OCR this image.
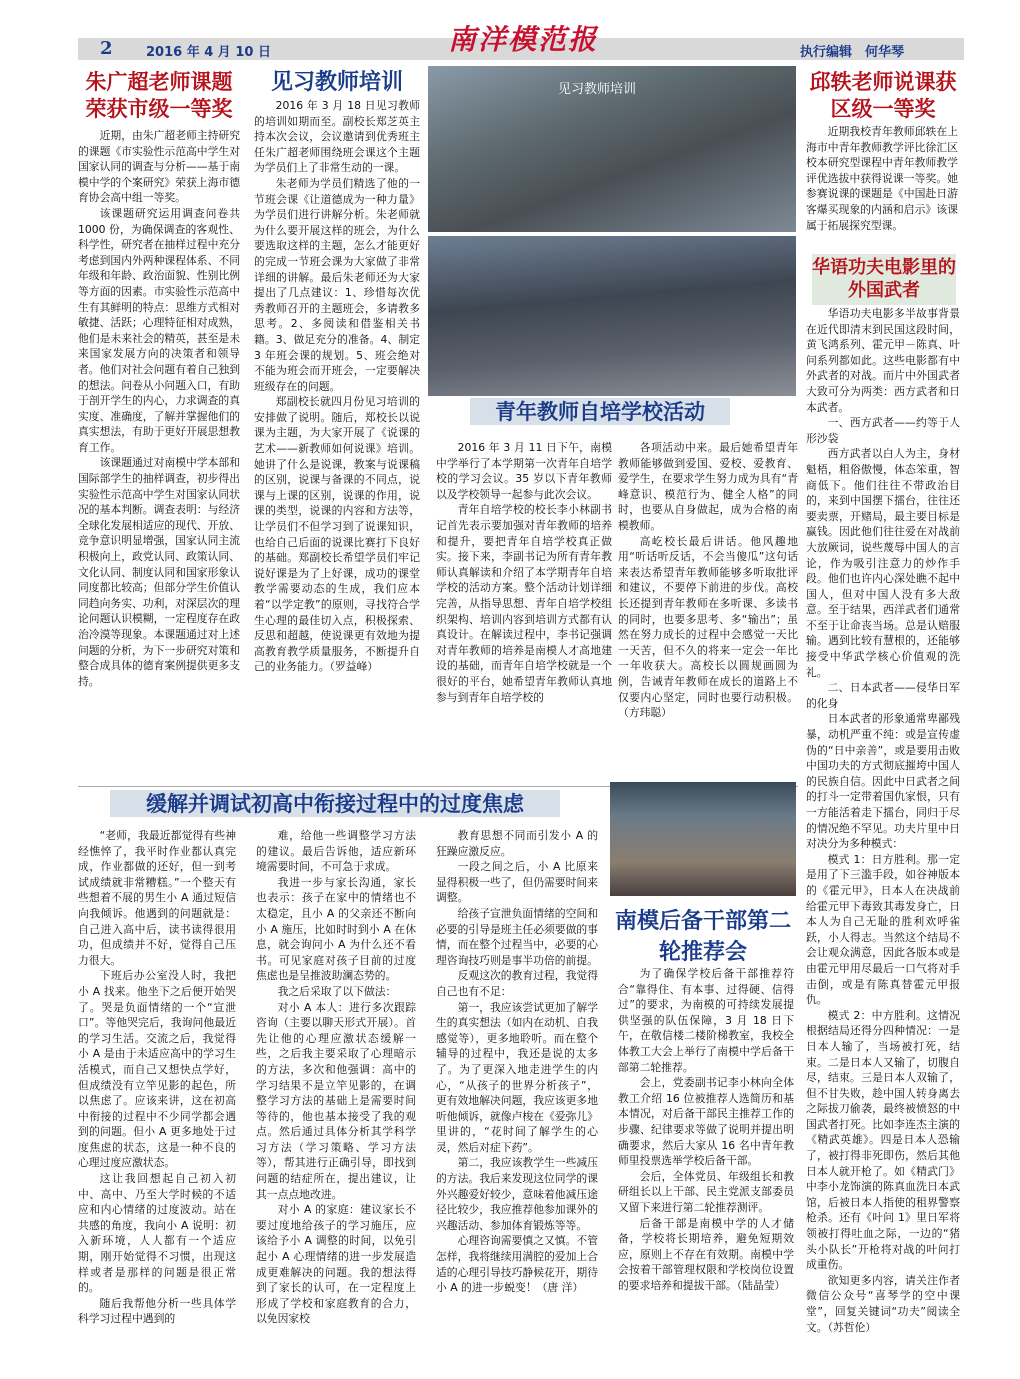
2	2016 年 4 月 10 日	南洋模范报	执行编辑　何华琴
朱广超老师课题荣获市级一等奖

近期，由朱广超老师主持研究的课题《市实验性示范高中学生对国家认同的调查与分析——基于南模中学的个案研究》荣获上海市德育协会高中组一等奖。

该课题研究运用调查问卷共 1000 份，为确保调查的客观性、科学性，研究者在抽样过程中充分考虑到国内外两种课程体系、不同年级和年龄、政治面貌、性别比例等方面的因素。市实验性示范高中生有其鲜明的特点：思维方式相对敏捷、活跃；心理特征相对成熟，他们是未来社会的精英，甚至是未来国家发展方向的决策者和领导者。他们对社会问题有着自己独到的想法。问卷从小问题入口，有助于剖开学生的内心，力求调查的真实度、准确度，了解并掌握他们的真实想法，有助于更好开展思想教育工作。

该课题通过对南模中学本部和国际部学生的抽样调查，初步得出实验性示范高中学生对国家认同状况的基本判断。调查表明：与经济全球化发展相适应的现代、开放、竞争意识明显增强，国家认同主流积极向上，政党认同、政策认同、文化认同、制度认同和国家形象认同度都比较高；但部分学生价值认同趋向务实、功利，对深层次的理论问题认识模糊，一定程度存在政治冷漠等现象。本课题通过对上述问题的分析，为下一步研究对策和整合成具体的德育案例提供更多支持。

见习教师培训

2016 年 3 月 18 日见习教师的培训如期而至。副校长郑芝英主持本次会议，会议邀请到优秀班主任朱广超老师围绕班会课这个主题为学员们上了非常生动的一课。

朱老师为学员们精选了他的一节班会课《让道德成为一种力量》为学员们进行讲解分析。朱老师就为什么要开展这样的班会，为什么要选取这样的主题，怎么才能更好的完成一节班会课为大家做了非常详细的讲解。最后朱老师还为大家提出了几点建议：1、珍惜每次优秀教师召开的主题班会，多请教多思考。2、多阅读和借鉴相关书籍。3、做足充分的准备。4、制定 3 年班会课的规划。5、班会绝对不能为班会而开班会，一定要解决班级存在的问题。

郑副校长就四月份见习培训的安排做了说明。随后，郑校长以说课为主题，为大家开展了《说课的艺术——新教师如何说课》培训。她讲了什么是说课，教案与说课稿的区别，说课与备课的不同点，说课与上课的区别，说课的作用，说课的类型，说课的内容和方法等，让学员们不但学习到了说课知识，也给自己后面的说课比赛打下良好的基础。郑副校长希望学员们牢记说好课是为了上好课，成功的课堂教学需要动态的生成，我们应本着“以学定教”的原则，寻找符合学生心理的最佳切入点，积极探索、反思和超越，使说课更有效地为提高教育教学质量服务，不断提升自己的业务能力。（罗益峰）

见习教师培训
青年教师自培学校活动

2016 年 3 月 11 日下午，南模中学举行了本学期第一次青年自培学校的学习会议。35 岁以下青年教师以及学校领导一起参与此次会议。

青年自培学校的校长李小林副书记首先表示要加强对青年教师的培养和提升，要把青年自培学校真正做实。接下来，李副书记为所有青年教师认真解读和介绍了本学期青年自培学校的活动方案。整个活动计划详细完善，从指导思想、青年自培学校组织架构、培训内容到培训方式都有认真设计。在解读过程中，李书记强调对青年教师的培养是南模人才高地建设的基础，而青年自培学校就是一个很好的平台，她希望青年教师认真地参与到青年自培学校的

各项活动中来。最后她希望青年教师能够做到爱国、爱校、爱教育、爱学生，在要求学生努力成为具有“青峰意识、模范行为、健全人格”的同时，也要从自身做起，成为合格的南模教师。

高屹校长最后讲话。他风趣地用“听话听反话，不会当傻瓜”这句话来表达希望青年教师能够多听取批评和建议，不要停下前进的步伐。高校长还提到青年教师在多听课、多读书的同时，也要多思考、多“输出”；虽然在努力成长的过程中会感觉一天比一天苦，但不久的将来一定会一年比一年收获大。高校长以圆规画圆为例，告诫青年教师在成长的道路上不仅要内心坚定，同时也要行动积极。（方玮聪）

邱轶老师说课获区级一等奖

近期我校青年教师邱轶在上海市中青年教师教学评比徐汇区校本研究型课程中青年教师教学评优选拔中获得说课一等奖。她参赛说课的课题是《中国赴日游客爆买现象的内涵和启示》该课属于拓展探究型课。

华语功夫电影里的外国武者

华语功夫电影多半故事背景在近代即清末到民国这段时间，黄飞鸿系列、霍元甲－陈真、叶问系列都如此。这些电影都有中外武者的对战。而片中外国武者大致可分为两类：西方武者和日本武者。

一、西方武者——约等于人形沙袋

西方武者以白人为主，身材魁梧，粗俗傲慢，体态笨重，智商低下。他们往往不带政治目的，来到中国摆下擂台，往往还要卖票，开赌局，最主要目标是赢钱。因此他们往往爱在对战前大放厥词，说些蔑辱中国人的言论，作为吸引注意力的炒作手段。他们也许内心深处瞧不起中国人，但对中国人没有多大敌意。至于结果，西洋武者们通常不至于让命丧当场。总是认赔服输。遇到比较有慧根的，还能够接受中华武学核心价值观的洗礼。

二、日本武者——侵华日军的化身

日本武者的形象通常卑鄙残暴，动机严重不纯：或是宣传虚伪的“日中亲善”，或是要用击败中国功夫的方式彻底摧垮中国人的民族自信。因此中日武者之间的打斗一定带着国仇家恨，只有一方能活着走下擂台，同归于尽的情况绝不罕见。功夫片里中日对决分为多种模式：

模式 1：日方胜利。那一定是用了下三滥手段，如谷神版本的《霍元甲》，日本人在决战前给霍元甲下毒致其毒发身亡，日本人为自己无耻的胜利欢呼雀跃，小人得志。当然这个结局不会让观众满意，因此各版本或是由霍元甲用尽最后一口气将对手击倒，或是有陈真替霍元甲报仇。

模式 2：中方胜利。这情况根据结局还得分四种情况：一是日本人输了，当场被打死，结束。二是日本人又输了，切腹自尽，结束。三是日本人双输了，但不甘失败，趁中国人转身离去之际拔刀偷袭，最终被愤怒的中国武者打死。比如李连杰主演的《精武英雄》。四是日本人恐输了，被打得非死即伤，然后其他日本人就开枪了。如《精武门》中李小龙饰演的陈真血洗日本武馆，后被日本人指使的租界警察枪杀。还有《叶问 1》里日军将领被打得吐血之际，一边的“猪头小队长”开枪将对战的叶问打成重伤。

欲知更多内容，请关注作者微信公众号“喜琴学的空中课堂”，回复关键词“功夫”阅读全文。（苏哲伦）

缓解并调试初高中衔接过程中的过度焦虑

“老师，我最近都觉得有些神经憔悴了，我平时作业都认真完成，作业都做的还好，但一到考试成绩就非常糟糕。”一个整天有些想着不展的男生小 A 通过短信向我倾诉。他遇到的问题就是：自己进入高中后，读书读得很用功，但成绩并不好，觉得自己压力很大。

下班后办公室没人时，我把小 A 找来。他坐下之后便开始哭了。哭是负面情绪的一个“宣泄口”。等他哭完后，我询问他最近的学习生活。交流之后，我觉得小 A 是由于未适应高中的学习生活模式，而自己又想快点学好，但成绩没有立竿见影的起色，所以焦虑了。应该来讲，这在初高中衔接的过程中不少同学都会遇到的问题。但小 A 更多地处于过度焦虑的状态，这是一种不良的心理过度应激状态。

这让我回想起自己初入初中、高中、乃至大学时候的不适应和内心情绪的过度波动。站在共感的角度，我向小 A 说明：初入新环境，人人都有一个适应期，刚开始觉得不习惯，出现这样或者是那样的问题是很正常的。

随后我帮他分析一些具体学科学习过程中遇到的

难，给他一些调整学习方法的建议。最后告诉他，适应新环境需要时间，不可急于求成。

我进一步与家长沟通，家长也表示：孩子在家中的情绪也不太稳定，且小 A 的父亲还不断向小 A 施压，比如时时到小 A 在休息，就会询问小 A 为什么还不看书。可见家庭对孩子目前的过度焦虑也是呈推波助澜态势的。

我之后采取了以下做法：

对小 A 本人：进行多次跟踪咨询（主要以聊天形式开展）。首先让他的心理应激状态缓解一些，之后我主要采取了心理暗示的方法，多次和他强调：高中的学习结果不是立竿见影的，在调整学习方法的基础上是需要时间等待的，他也基本接受了我的观点。然后通过具体分析其学科学习方法（学习策略、学习方法等），帮其进行正确引导，即找到问题的结症所在，提出建议，让其一点点地改进。

对小 A 的家庭：建议家长不要过度地给孩子的学习施压，应该给予小 A 调整的时间，以免引起小 A 心理情绪的进一步发展造成更难解决的问题。我的想法得到了家长的认可，在一定程度上形成了学校和家庭教育的合力，以免因家校

教育思想不同而引发小 A 的狂躁应激反应。

一段之间之后，小 A 比原来显得积极一些了，但仍需要时间来调整。

给孩子宣泄负面情绪的空间和必要的引导是班主任必须要做的事情，而在整个过程当中，必要的心理咨询技巧则是事半功倍的前提。

反观这次的教育过程，我觉得自己也有不足：

第一，我应该尝试更加了解学生的真实想法（如内在动机、自我感觉等），更多地聆听。而在整个辅导的过程中，我还是说的太多了。为了更深入地走进学生的内心，“从孩子的世界分析孩子”，更有效地解决问题，我应该更多地听他倾诉，就像卢梭在《爱弥儿》里讲的，“花时间了解学生的心灵，然后对症下药”。

第二，我应该教学生一些减压的方法。我后来发现这位同学的课外兴趣爱好较少，意味着他减压途径比较少，我应推荐他参加课外的兴趣活动、参加体育锻炼等等。

心理咨询需要慎之又慎。不管怎样，我将继续用满腔的爱加上合适的心理引导技巧静候花开，期待小 A 的进一步蜕变！（唐 洋）

南模后备干部第二轮推荐会

为了确保学校后备干部推荐符合“靠得住、有本事、过得硬、信得过”的要求，为南模的可持续发展提供坚强的队伍保障，3 月 18 日下午，在敬信楼二楼阶梯教室，我校全体教工大会上举行了南模中学后备干部第二轮推荐。

会上，党委副书记李小林向全体教工介绍 16 位被推荐人选简历和基本情况，对后备干部民主推荐工作的步骤、纪律要求等做了说明并提出明确要求，然后大家从 16 名中青年教师里投票选举学校后备干部。

会后，全体党员、年级组长和教研组长以上干部、民主党派支部委员又留下来进行第二轮推荐测评。

后备干部是南模中学的人才储备，学校将长期培养，避免短期效应，原则上不存在有效期。南模中学会按着干部管理权限和学校岗位设置的要求培养和提拔干部。（陆晶莹）
